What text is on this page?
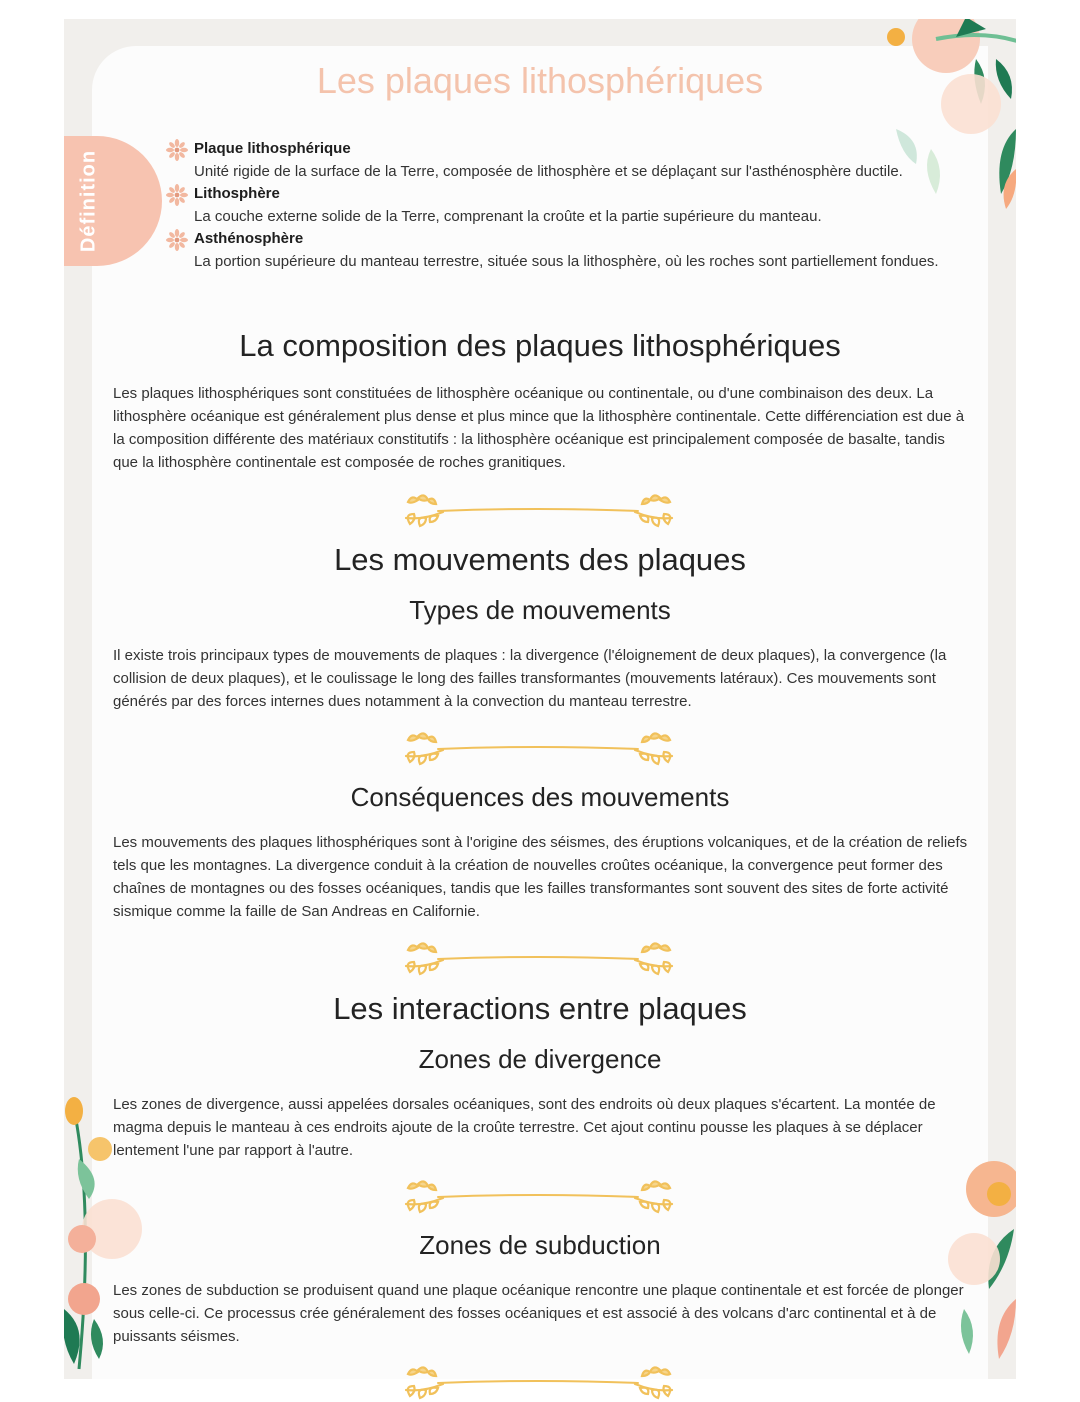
Les plaques lithosphériques
Définition
Plaque lithosphérique
Unité rigide de la surface de la Terre, composée de lithosphère et se déplaçant sur l'asthénosphère ductile.
Lithosphère
La couche externe solide de la Terre, comprenant la croûte et la partie supérieure du manteau.
Asthénosphère
La portion supérieure du manteau terrestre, située sous la lithosphère, où les roches sont partiellement fondues.
La composition des plaques lithosphériques

Les plaques lithosphériques sont constituées de lithosphère océanique ou continentale, ou d'une combinaison des deux. La lithosphère océanique est généralement plus dense et plus mince que la lithosphère continentale. Cette différenciation est due à la composition différente des matériaux constitutifs : la lithosphère océanique est principalement composée de basalte, tandis que la lithosphère continentale est composée de roches granitiques.

Les mouvements des plaques
Types de mouvements

Il existe trois principaux types de mouvements de plaques : la divergence (l'éloignement de deux plaques), la convergence (la collision de deux plaques), et le coulissage le long des failles transformantes (mouvements latéraux). Ces mouvements sont générés par des forces internes dues notamment à la convection du manteau terrestre.

Conséquences des mouvements

Les mouvements des plaques lithosphériques sont à l'origine des séismes, des éruptions volcaniques, et de la création de reliefs tels que les montagnes. La divergence conduit à la création de nouvelles croûtes océanique, la convergence peut former des chaînes de montagnes ou des fosses océaniques, tandis que les failles transformantes sont souvent des sites de forte activité sismique comme la faille de San Andreas en Californie.

Les interactions entre plaques
Zones de divergence

Les zones de divergence, aussi appelées dorsales océaniques, sont des endroits où deux plaques s'écartent. La montée de magma depuis le manteau à ces endroits ajoute de la croûte terrestre. Cet ajout continu pousse les plaques à se déplacer lentement l'une par rapport à l'autre.

Zones de subduction

Les zones de subduction se produisent quand une plaque océanique rencontre une plaque continentale et est forcée de plonger sous celle-ci. Ce processus crée généralement des fosses océaniques et est associé à des volcans d'arc continental et à de puissants séismes.
